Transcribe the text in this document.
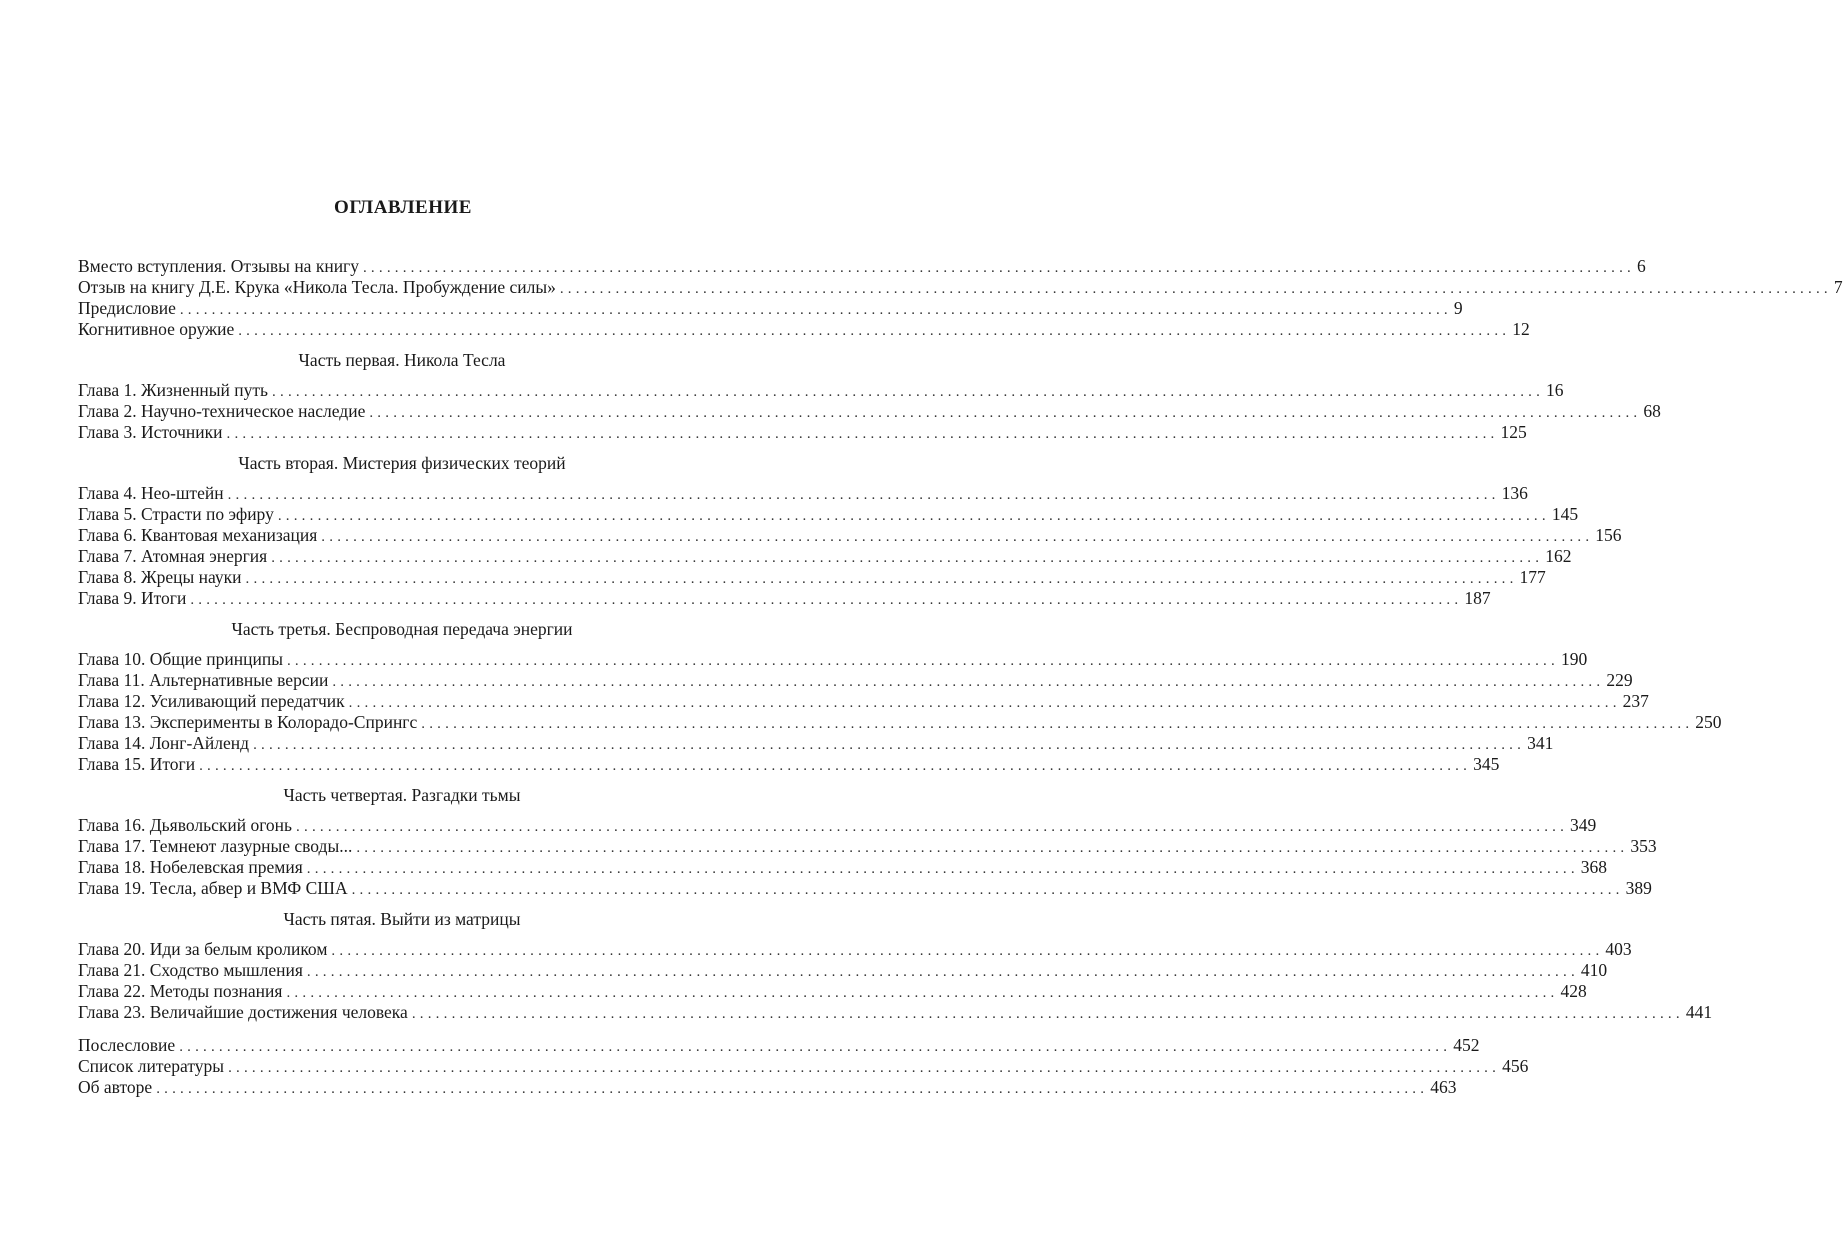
ОГЛАВЛЕНИЕ
Вместо вступления. Отзывы на книгу ................................................................................................................................................................ 6
Отзыв на книгу Д.Е. Крука «Никола Тесла. Пробуждение силы» ................................................................................................................................................................ 7
Предисловие ................................................................................................................................................................ 9
Когнитивное оружие ................................................................................................................................................................ 12
Часть первая. Никола Тесла
Глава 1. Жизненный путь ................................................................................................................................................................ 16
Глава 2. Научно-техническое наследие ................................................................................................................................................................ 68
Глава 3. Источники ................................................................................................................................................................ 125
Часть вторая. Мистерия физических теорий
Глава 4. Нео-штейн ................................................................................................................................................................ 136
Глава 5. Страсти по эфиру ................................................................................................................................................................ 145
Глава 6. Квантовая механизация ................................................................................................................................................................ 156
Глава 7. Атомная энергия ................................................................................................................................................................ 162
Глава 8. Жрецы науки ................................................................................................................................................................ 177
Глава 9. Итоги ................................................................................................................................................................ 187
Часть третья. Беспроводная передача энергии
Глава 10. Общие принципы ................................................................................................................................................................ 190
Глава 11. Альтернативные версии ................................................................................................................................................................ 229
Глава 12. Усиливающий передатчик ................................................................................................................................................................ 237
Глава 13. Эксперименты в Колорадо-Спрингс ................................................................................................................................................................ 250
Глава 14. Лонг-Айленд ................................................................................................................................................................ 341
Глава 15. Итоги ................................................................................................................................................................ 345
Часть четвертая. Разгадки тьмы
Глава 16. Дьявольский огонь ................................................................................................................................................................ 349
Глава 17. Темнеют лазурные своды... ................................................................................................................................................................ 353
Глава 18. Нобелевская премия ................................................................................................................................................................ 368
Глава 19. Тесла, абвер и ВМФ США ................................................................................................................................................................ 389
Часть пятая. Выйти из матрицы
Глава 20. Иди за белым кроликом ................................................................................................................................................................ 403
Глава 21. Сходство мышления ................................................................................................................................................................ 410
Глава 22. Методы познания ................................................................................................................................................................ 428
Глава 23. Величайшие достижения человека ................................................................................................................................................................ 441
Послесловие ................................................................................................................................................................ 452
Список литературы ................................................................................................................................................................ 456
Об авторе ................................................................................................................................................................ 463
